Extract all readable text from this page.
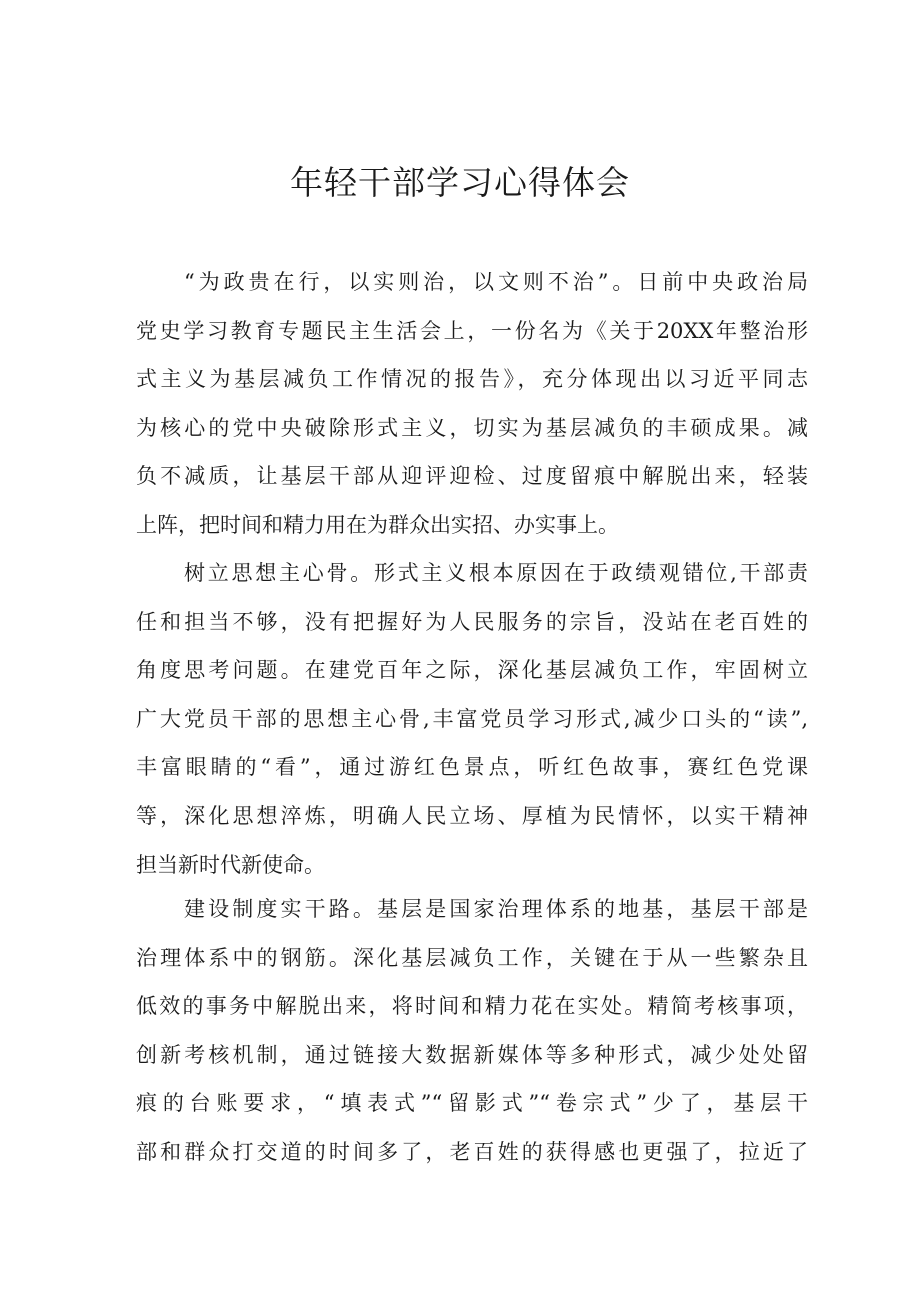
年轻干部学习心得体会
“为政贵在行，以实则治，以文则不治”。日前中央政治局
党史学习教育专题民主生活会上，一份名为《关于20XX年整治形
式主义为基层减负工作情况的报告》，充分体现出以习近平同志
为核心的党中央破除形式主义，切实为基层减负的丰硕成果。减
负不减质，让基层干部从迎评迎检、过度留痕中解脱出来，轻装
上阵，把时间和精力用在为群众出实招、办实事上。
树立思想主心骨。形式主义根本原因在于政绩观错位,干部责
任和担当不够，没有把握好为人民服务的宗旨，没站在老百姓的
角度思考问题。在建党百年之际，深化基层减负工作，牢固树立
广大党员干部的思想主心骨,丰富党员学习形式,减少口头的“读”,
丰富眼睛的“看”，通过游红色景点，听红色故事，赛红色党课
等，深化思想淬炼，明确人民立场、厚植为民情怀，以实干精神
担当新时代新使命。
建设制度实干路。基层是国家治理体系的地基，基层干部是
治理体系中的钢筋。深化基层减负工作，关键在于从一些繁杂且
低效的事务中解脱出来，将时间和精力花在实处。精简考核事项，
创新考核机制，通过链接大数据新媒体等多种形式，减少处处留
痕的台账要求，“填表式”“留影式”“卷宗式”少了，基层干
部和群众打交道的时间多了，老百姓的获得感也更强了，拉近了
